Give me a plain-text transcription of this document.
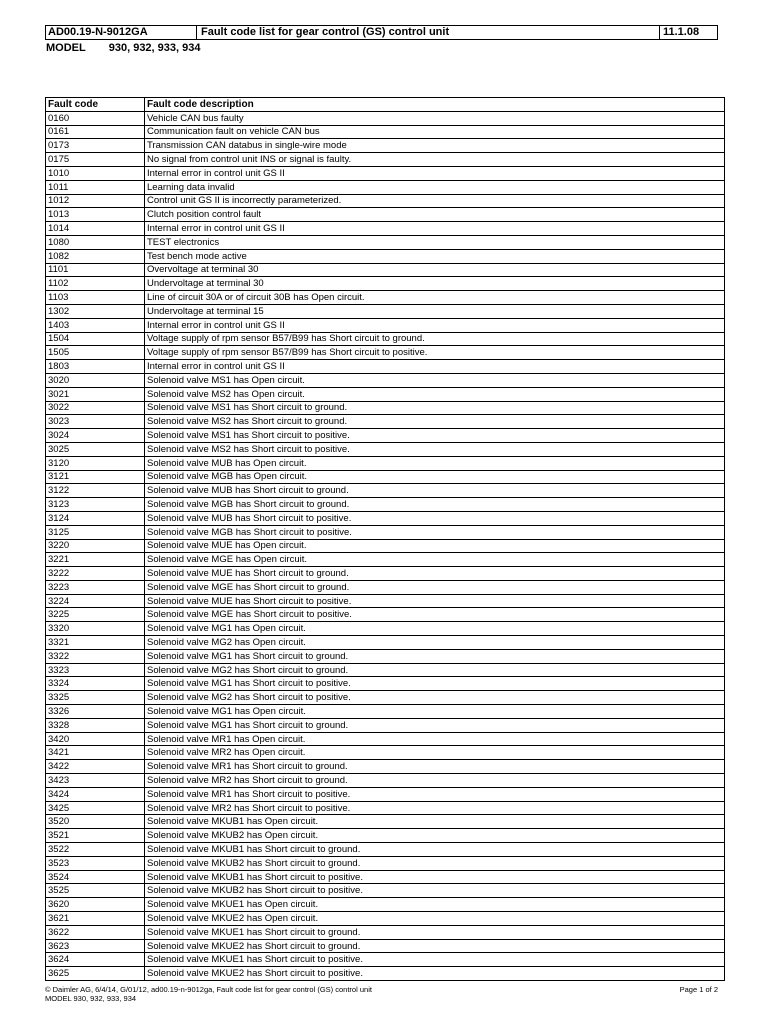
AD00.19-N-9012GA	Fault code list for gear control (GS) control unit	11.1.08
MODEL 930, 932, 933, 934
Fault code	Fault code description
0160	Vehicle CAN bus faulty
0161	Communication fault on vehicle CAN bus
0173	Transmission CAN databus in single-wire mode
0175	No signal from control unit INS or signal is faulty.
1010	Internal error in control unit GS II
1011	Learning data invalid
1012	Control unit GS II is incorrectly parameterized.
1013	Clutch position control fault
1014	Internal error in control unit GS II
1080	TEST electronics
1082	Test bench mode active
1101	Overvoltage at terminal 30
1102	Undervoltage at terminal 30
1103	Line of circuit 30A or of circuit 30B has Open circuit.
1302	Undervoltage at terminal 15
1403	Internal error in control unit GS II
1504	Voltage supply of rpm sensor B57/B99 has Short circuit to ground.
1505	Voltage supply of rpm sensor B57/B99 has Short circuit to positive.
1803	Internal error in control unit GS II
3020	Solenoid valve MS1 has Open circuit.
3021	Solenoid valve MS2 has Open circuit.
3022	Solenoid valve MS1 has Short circuit to ground.
3023	Solenoid valve MS2 has Short circuit to ground.
3024	Solenoid valve MS1 has Short circuit to positive.
3025	Solenoid valve MS2 has Short circuit to positive.
3120	Solenoid valve MUB has Open circuit.
3121	Solenoid valve MGB has Open circuit.
3122	Solenoid valve MUB has Short circuit to ground.
3123	Solenoid valve MGB has Short circuit to ground.
3124	Solenoid valve MUB has Short circuit to positive.
3125	Solenoid valve MGB has Short circuit to positive.
3220	Solenoid valve MUE has Open circuit.
3221	Solenoid valve MGE has Open circuit.
3222	Solenoid valve MUE has Short circuit to ground.
3223	Solenoid valve MGE has Short circuit to ground.
3224	Solenoid valve MUE has Short circuit to positive.
3225	Solenoid valve MGE has Short circuit to positive.
3320	Solenoid valve MG1 has Open circuit.
3321	Solenoid valve MG2 has Open circuit.
3322	Solenoid valve MG1 has Short circuit to ground.
3323	Solenoid valve MG2 has Short circuit to ground.
3324	Solenoid valve MG1 has Short circuit to positive.
3325	Solenoid valve MG2 has Short circuit to positive.
3326	Solenoid valve MG1 has Open circuit.
3328	Solenoid valve MG1 has Short circuit to ground.
3420	Solenoid valve MR1 has Open circuit.
3421	Solenoid valve MR2 has Open circuit.
3422	Solenoid valve MR1 has Short circuit to ground.
3423	Solenoid valve MR2 has Short circuit to ground.
3424	Solenoid valve MR1 has Short circuit to positive.
3425	Solenoid valve MR2 has Short circuit to positive.
3520	Solenoid valve MKUB1 has Open circuit.
3521	Solenoid valve MKUB2 has Open circuit.
3522	Solenoid valve MKUB1 has Short circuit to ground.
3523	Solenoid valve MKUB2 has Short circuit to ground.
3524	Solenoid valve MKUB1 has Short circuit to positive.
3525	Solenoid valve MKUB2 has Short circuit to positive.
3620	Solenoid valve MKUE1 has Open circuit.
3621	Solenoid valve MKUE2 has Open circuit.
3622	Solenoid valve MKUE1 has Short circuit to ground.
3623	Solenoid valve MKUE2 has Short circuit to ground.
3624	Solenoid valve MKUE1 has Short circuit to positive.
3625	Solenoid valve MKUE2 has Short circuit to positive.
© Daimler AG, 6/4/14, G/01/12, ad00.19-n-9012ga, Fault code list for gear control (GS) control unit
MODEL 930, 932, 933, 934
Page 1 of 2
